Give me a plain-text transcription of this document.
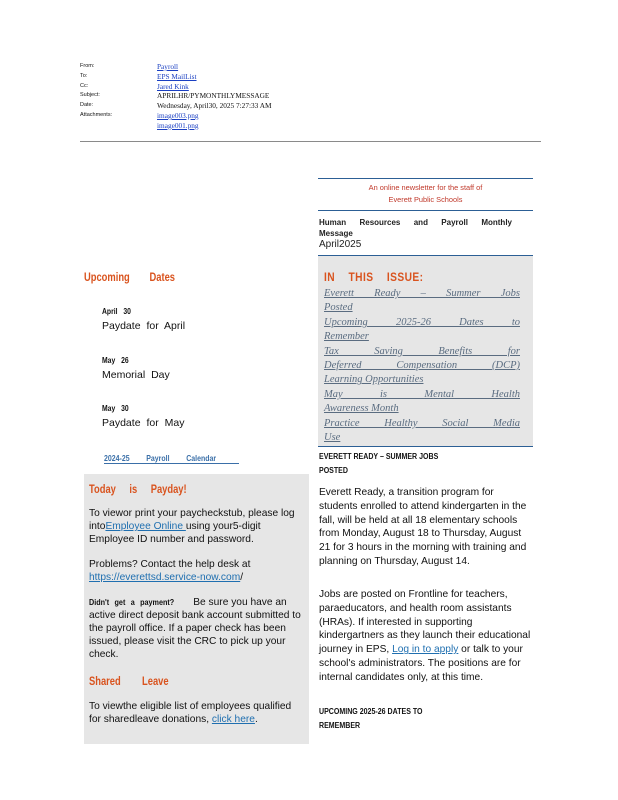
From:	Payroll
To:	EPS MailList
Cc:	Jared Kink
Subject:	APRILHR/PYMONTHLYMESSAGE
Date:	Wednesday, April30, 2025 7:27:33 AM
Attachments:	image003.png
image001.png
An online newsletter for the staff of
Everett Public Schools
Human Resources and Payroll Monthly
Message
April2025
IN THIS ISSUE:
Everett Ready – Summer Jobs
Posted
Upcoming 2025-26 Dates to
Remember
Tax Saving Benefits for
Deferred Compensation (DCP)
Learning Opportunities
May is Mental Health
Awareness Month
Practice Healthy Social Media
Use
EVERETT READY – SUMMER JOBS
POSTED

Everett Ready, a transition program for students enrolled to attend kindergarten in the fall, will be held at all 18 elementary schools from Monday, August 18 to Thursday, August 21 for 3 hours in the morning with training and planning on Thursday, August 14.

Jobs are posted on Frontline for teachers, paraeducators, and health room assistants (HRAs). If interested in supporting kindergartners as they launch their educational journey in EPS, Log in to apply or talk to your school's administrators. The positions are for internal candidates only, at this time.

UPCOMING 2025-26 DATES TO
REMEMBER
Upcoming Dates
April 30
Paydate for April
May 26
Memorial Day
May 30
Paydate for May
2024-25 Payroll Calendar
Today is Payday!

To viewor print your paycheckstub, please log intoEmployee Online using your5-digit Employee ID number and password.

Problems? Contact the help desk at
https://everettsd.service-now.com/

Didn't get a payment? Be sure you have an active direct deposit bank account submitted to the payroll office. If a paper check has been issued, please visit the CRC to pick up your check.

Shared Leave

To viewthe eligible list of employees qualified for sharedleave donations, click here.
